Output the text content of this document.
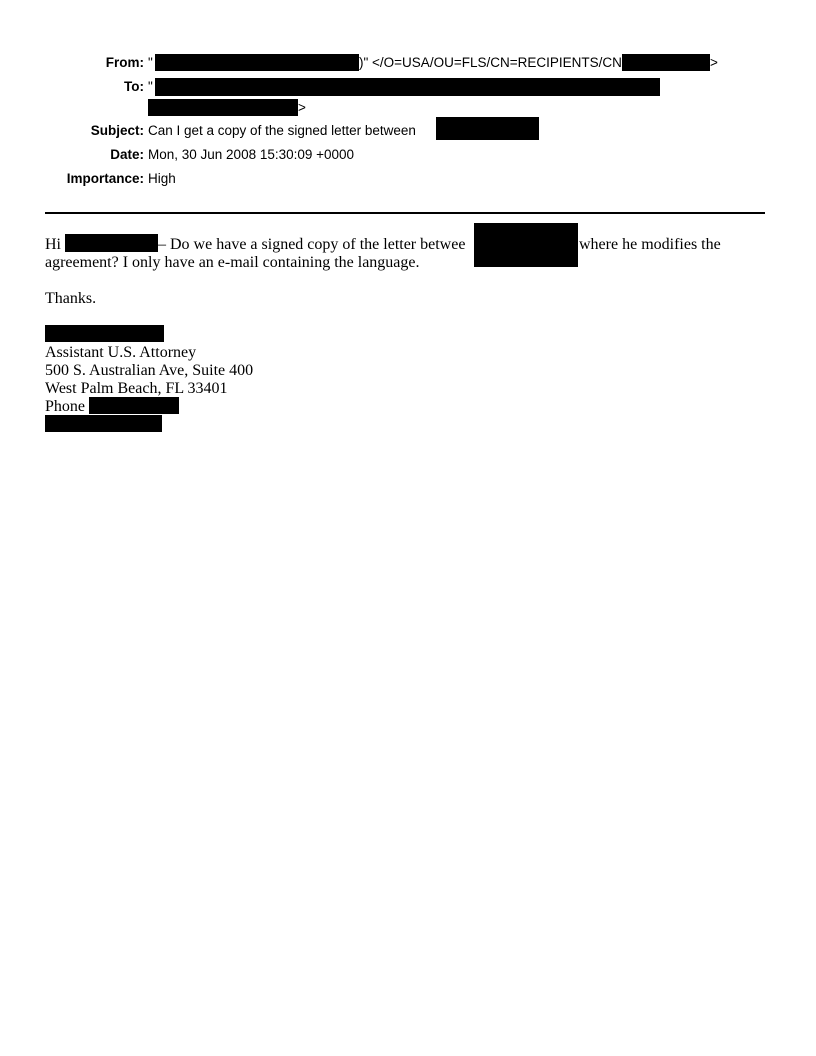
From: "	)" </O=USA/OU=FLS/CN=RECIPIENTS/CN	>
To: "
>
Subject: Can I get a copy of the signed letter between
Date: Mon, 30 Jun 2008 15:30:09 +0000
Importance: High
Hi	– Do we have a signed copy of the letter betwee	where he modifies the
agreement? I only have an e-mail containing the language.
Thanks.
Assistant U.S. Attorney
500 S. Australian Ave, Suite 400
West Palm Beach, FL 33401
Phone
